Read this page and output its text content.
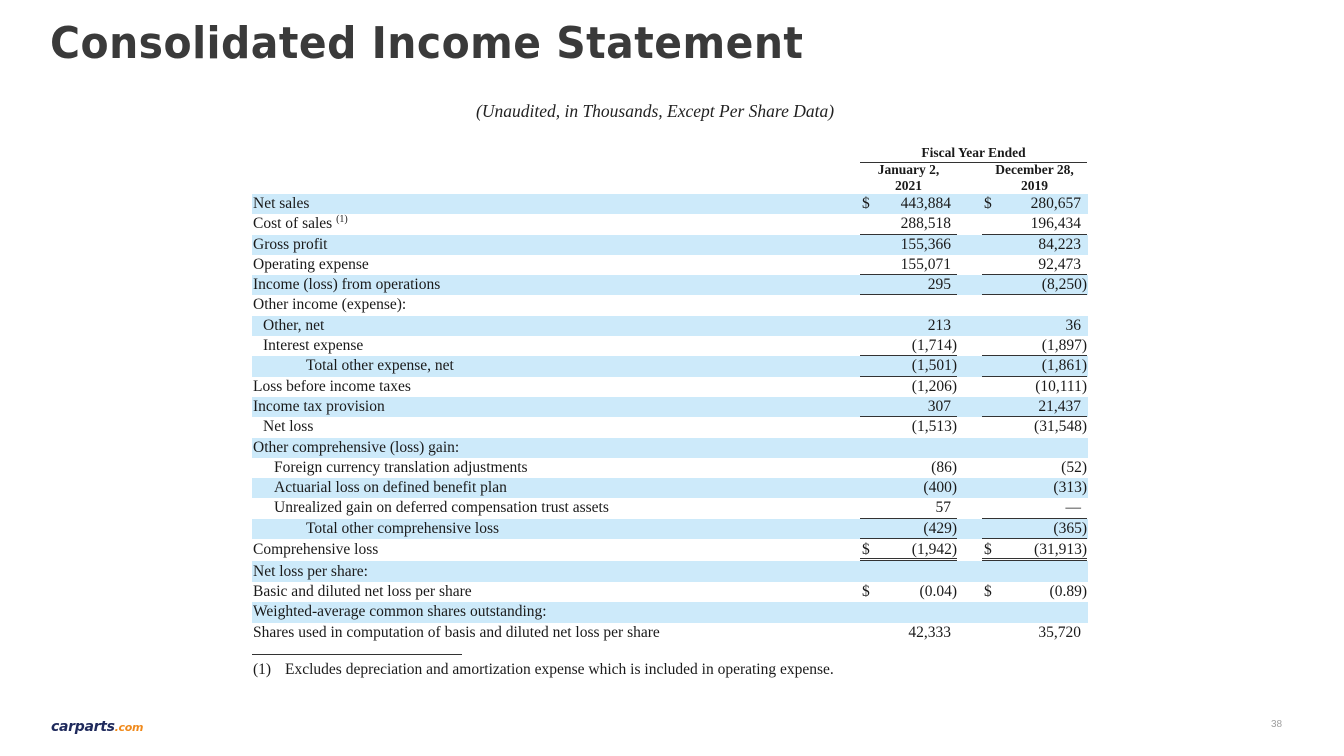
Consolidated Income Statement
(Unaudited, in Thousands, Except Per Share Data)
Fiscal Year Ended
January 2,
2021
December 28,
2019
Net sales	$ 443,884 $	280,657
Cost of sales $^{(1)}$	288,518	196,434
Gross profit	155,366	84,223
Operating expense	155,071	92,473
Income (loss) from operations	295	(8,250)
Other income (expense):
Other, net	213	36
Interest expense	(1,714)	(1,897)
Total other expense, net	(1,501)	(1,861)
Loss before income taxes	(1,206)	(10,111)
Income tax provision	307	21,437
Net loss	(1,513)	(31,548)
Other comprehensive (loss) gain:
Foreign currency translation adjustments	(86)	(52)
Actuarial loss on defined benefit plan	(400)	(313)
Unrealized gain on deferred compensation trust assets	57	—
Total other comprehensive loss	(429)	(365)
Comprehensive loss	$	(1,942) $	(31,913)
Net loss per share:
Basic and diluted net loss per share	$	(0.04) $	(0.89)
Weighted-average common shares outstanding:
Shares used in computation of basis and diluted net loss per share	42,333	35,720
(1) Excludes depreciation and amortization expense which is included in operating expense.
carparts.com	38
